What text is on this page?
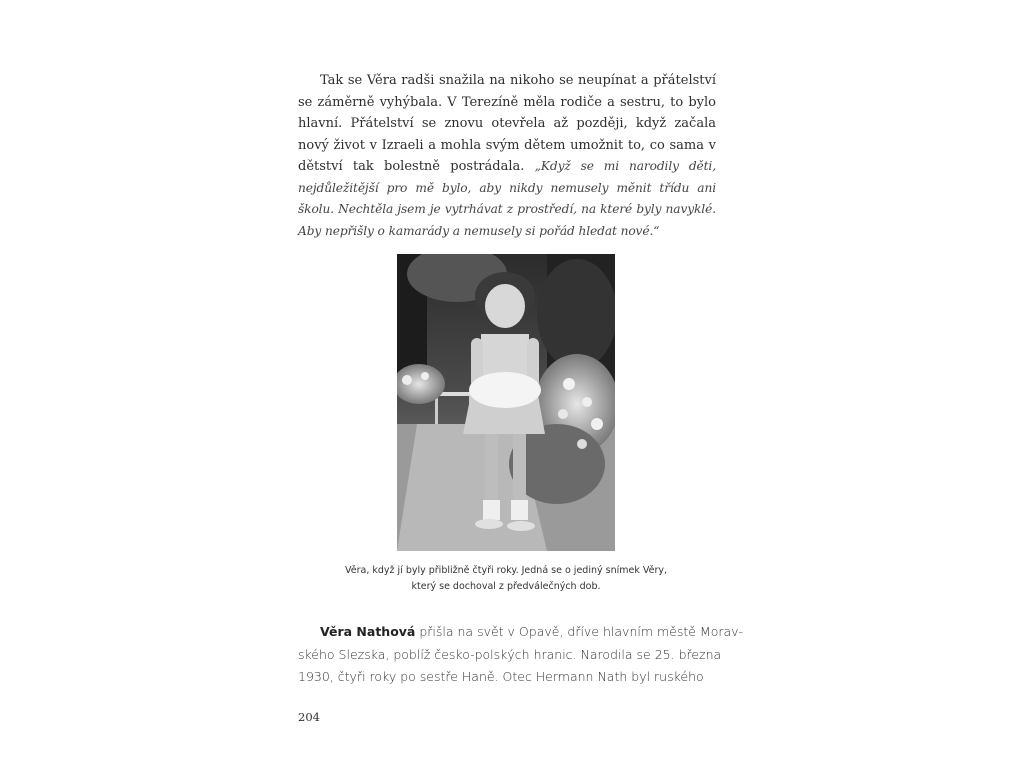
Tak se Věra radši snažila na nikoho se neupínat a přátelství se záměrně vyhýbala. V Terezíně měla rodiče a sestru, to bylo hlavní. Přátelství se znovu otevřela až později, když začala nový život v Izraeli a mohla svým dětem umožnit to, co sama v dětství tak bolestně postrádala. „Když se mi narodily děti, nejdůležitější pro mě bylo, aby nikdy nemusely měnit třídu ani školu. Nechtěla jsem je vytrhávat z prostředí, na které byly navyklé. Aby nepřišly o kamarády a nemusely si pořád hledat nové.“
Věra, když jí byly přibližně čtyři roky. Jedná se o jediný snímek Věry,
který se dochoval z předválečných dob.
Věra Nathová přišla na svět v Opavě, dříve hlavním městě Morav-
ského Slezska, poblíž česko-polských hranic. Narodila se 25. března
1930, čtyři roky po sestře Haně. Otec Hermann Nath byl ruského
204
